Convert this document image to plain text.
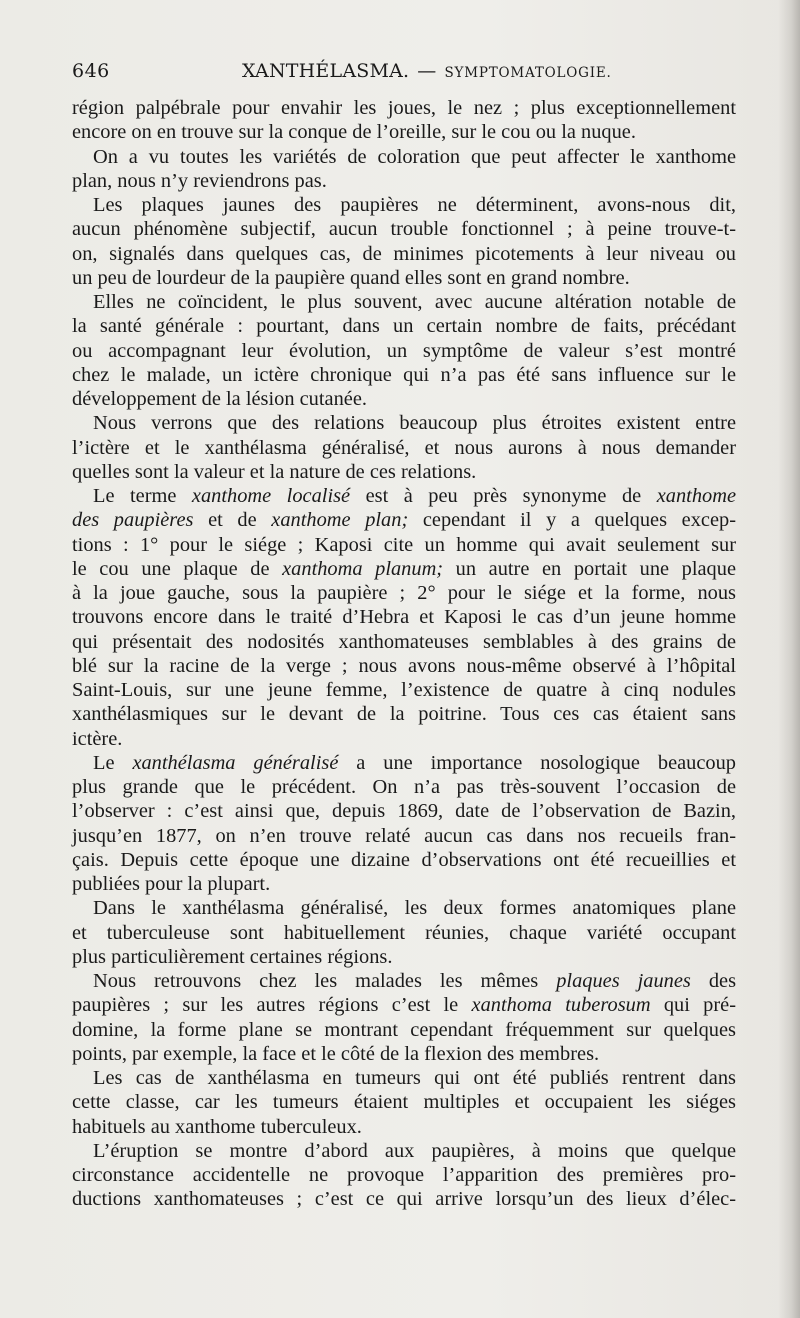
646	XANTHÉLASMA. — SYMPTOMATOLOGIE.
région palpébrale pour envahir les joues, le nez ; plus exceptionnellement
encore on en trouve sur la conque de l’oreille, sur le cou ou la nuque.
On a vu toutes les variétés de coloration que peut affecter le xanthome
plan, nous n’y reviendrons pas.
Les plaques jaunes des paupières ne déterminent, avons-nous dit,
aucun phénomène subjectif, aucun trouble fonctionnel ; à peine trouve-t-
on, signalés dans quelques cas, de minimes picotements à leur niveau ou
un peu de lourdeur de la paupière quand elles sont en grand nombre.
Elles ne coïncident, le plus souvent, avec aucune altération notable de
la santé générale : pourtant, dans un certain nombre de faits, précédant
ou accompagnant leur évolution, un symptôme de valeur s’est montré
chez le malade, un ictère chronique qui n’a pas été sans influence sur le
développement de la lésion cutanée.
Nous verrons que des relations beaucoup plus étroites existent entre
l’ictère et le xanthélasma généralisé, et nous aurons à nous demander
quelles sont la valeur et la nature de ces relations.
Le terme xanthome localisé est à peu près synonyme de xanthome
des paupières et de xanthome plan; cependant il y a quelques excep-
tions : 1° pour le siége ; Kaposi cite un homme qui avait seulement sur
le cou une plaque de xanthoma planum; un autre en portait une plaque
à la joue gauche, sous la paupière ; 2° pour le siége et la forme, nous
trouvons encore dans le traité d’Hebra et Kaposi le cas d’un jeune homme
qui présentait des nodosités xanthomateuses semblables à des grains de
blé sur la racine de la verge ; nous avons nous-même observé à l’hôpital
Saint-Louis, sur une jeune femme, l’existence de quatre à cinq nodules
xanthélasmiques sur le devant de la poitrine. Tous ces cas étaient sans
ictère.
Le xanthélasma généralisé a une importance nosologique beaucoup
plus grande que le précédent. On n’a pas très-souvent l’occasion de
l’observer : c’est ainsi que, depuis 1869, date de l’observation de Bazin,
jusqu’en 1877, on n’en trouve relaté aucun cas dans nos recueils fran-
çais. Depuis cette époque une dizaine d’observations ont été recueillies et
publiées pour la plupart.
Dans le xanthélasma généralisé, les deux formes anatomiques plane
et tuberculeuse sont habituellement réunies, chaque variété occupant
plus particulièrement certaines régions.
Nous retrouvons chez les malades les mêmes plaques jaunes des
paupières ; sur les autres régions c’est le xanthoma tuberosum qui pré-
domine, la forme plane se montrant cependant fréquemment sur quelques
points, par exemple, la face et le côté de la flexion des membres.
Les cas de xanthélasma en tumeurs qui ont été publiés rentrent dans
cette classe, car les tumeurs étaient multiples et occupaient les siéges
habituels au xanthome tuberculeux.
L’éruption se montre d’abord aux paupières, à moins que quelque
circonstance accidentelle ne provoque l’apparition des premières pro-
ductions xanthomateuses ; c’est ce qui arrive lorsqu’un des lieux d’élec-
